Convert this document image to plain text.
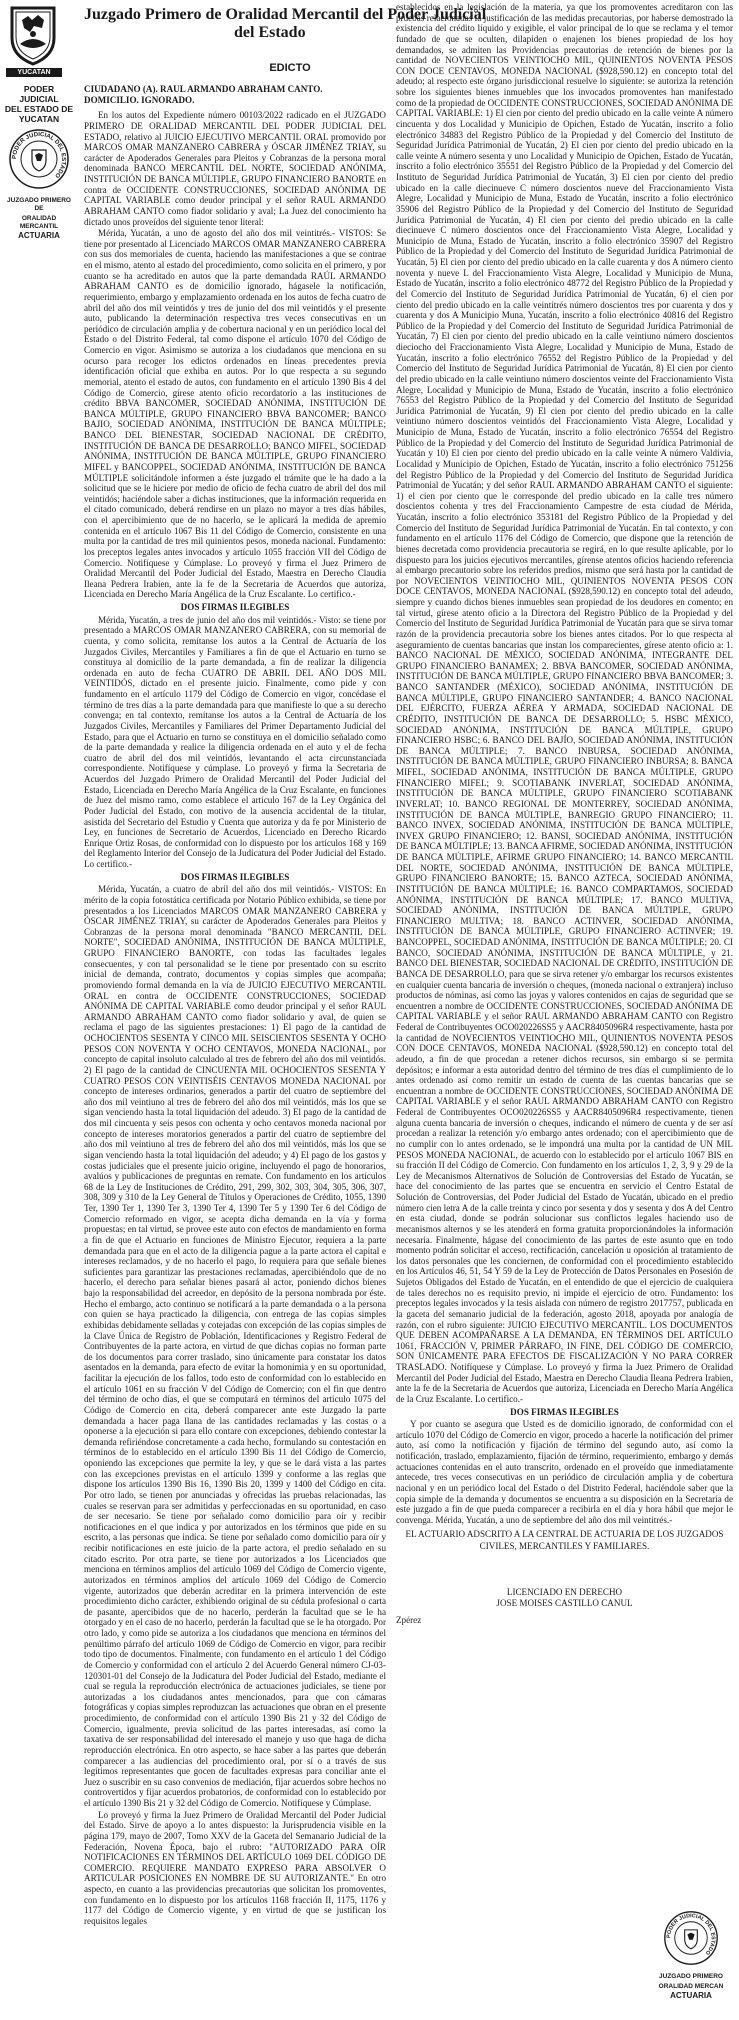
YUCATAN
Juzgado Primero de Oralidad Mercantil del Poder Judicial
del Estado
EDICTO
PODER JUDICIAL
DEL ESTADO DE
YUCATAN
PODER JUDICIAL DEL ESTADO
JUZGADO PRIMERO DE
ORALIDAD MERCANTIL
ACTUARIA

CIUDADANO (A). RAUL ARMANDO ABRAHAM CANTO.

DOMICILIO. IGNORADO.

En los autos del Expediente número 00103/2022 radicado en el JUZGADO PRIMERO DE ORALIDAD MERCANTIL DEL PODER JUDICIAL DEL ESTADO, relativo al JUICIO EJECUTIVO MERCANTIL ORAL promovido por MARCOS OMAR MANZANERO CABRERA y ÓSCAR JIMÉNEZ TRIAY, su carácter de Apoderados Generales para Pleitos y Cobranzas de la persona moral denominada BANCO MERCANTIL DEL NORTE, SOCIEDAD ANÓNIMA, INSTITUCIÓN DE BANCA MÚLTIPLE, GRUPO FINANCIERO BANORTE en contra de OCCIDENTE CONSTRUCCIONES, SOCIEDAD ANÓNIMA DE CAPITAL VARIABLE como deudor principal y el señor RAUL ARMANDO ABRAHAM CANTO como fiador solidario y aval; La Juez del conocimiento ha dictado unos proveídos del siguiente tenor literal:

Mérida, Yucatán, a uno de agosto del año dos mil veintitrés.- VISTOS: Se tiene por presentado al Licenciado MARCOS OMAR MANZANERO CABRERA con sus dos memoriales de cuenta, haciendo las manifestaciones a que se contrae en el mismo, atento al estado del procedimiento, como solicita en el primero, y por cuanto se ha acreditado en autos que la parte demandada RAÚL ARMANDO ABRAHAM CANTO es de domicilio ignorado, hágasele la notificación, requerimiento, embargo y emplazamiento ordenada en los autos de fecha cuatro de abril del año dos mil veintidós y tres de junio del dos mil veintidós y el presente auto, publicando la determinación respectiva tres veces consecutivas en un periódico de circulación amplia y de cobertura nacional y en un periódico local del Estado o del Distrito Federal, tal como dispone el artículo 1070 del Código de Comercio en vigor. Asimismo se autoriza a los ciudadanos que menciona en su ocurso para recoger los edictos ordenados en líneas precedentes previa identificación oficial que exhiba en autos. Por lo que respecta a su segundo memorial, atento el estado de autos, con fundamento en el artículo 1390 Bis 4 del Código de Comercio, gírese atento oficio recordatorio a las instituciones de crédito BBVA BANCOMER, SOCIEDAD ANÓNIMA, INSTITUCIÓN DE BANCA MÚLTIPLE, GRUPO FINANCIERO BBVA BANCOMER; BANCO BAJIO, SOCIEDAD ANÓNIMA, INSTITUCIÓN DE BANCA MÚLTIPLE; BANCO DEL BIENESTAR, SOCIEDAD NACIONAL DE CRÉDITO, INSTITUCIÓN DE BANCA DE DESARROLLO; BANCO MIFEL, SOCIEDAD ANÓNIMA, INSTITUCIÓN DE BANCA MÚLTIPLE, GRUPO FINANCIERO MIFEL y BANCOPPEL, SOCIEDAD ANÓNIMA, INSTITUCIÓN DE BANCA MÚLTIPLE solicitándole informen a éste juzgado el trámite que le ha dado a la solicitud que se le hiciere por medio de oficio de fecha cuatro de abril del dos mil veintidós; haciéndole saber a dichas instituciones, que la información requerida en el citado comunicado, deberá rendirse en un plazo no mayor a tres días hábiles, con el apercibimiento que de no hacerlo, se le aplicará la medida de apremio contenida en el artículo 1067 Bis 11 del Código de Comercio, consistente en una multa por la cantidad de tres mil quinientos pesos, moneda nacional. Fundamento: los preceptos legales antes invocados y artículo 1055 fracción VII del Código de Comercio. Notifíquese y Cúmplase. Lo proveyó y firma el Juez Primero de Oralidad Mercantil del Poder Judicial del Estado, Maestra en Derecho Claudia Ileana Pedrera Irabien, ante la fe de la Secretaria de Acuerdos que autoriza, Licenciada en Derecho María Angélica de la Cruz Escalante. Lo certifico.-

DOS FIRMAS ILEGIBLES

Mérida, Yucatán, a tres de junio del año dos mil veintidós.- Visto: se tiene por presentado a MARCOS OMAR MANZANERO CABRERA, con su memorial de cuenta, y como solicita, remítanse los autos a la Central de Actuaría de los Juzgados Civiles, Mercantiles y Familiares a fin de que el Actuario en turno se constituya al domicilio de la parte demandada, a fin de realizar la diligencia ordenada en auto de fecha CUATRO DE ABRIL DEL AÑO DOS MIL VEINTIDÓS, dictado en el presente juicio. Finalmente, como pide y con fundamento en el artículo 1179 del Código de Comercio en vigor, concédase el término de tres días a la parte demandada para que manifieste lo que a su derecho convenga; en tal contexto, remítanse los autos a la Central de Actuaría de los Juzgados Civiles, Mercantiles y Familiares del Primer Departamento Judicial del Estado, para que el Actuario en turno se constituya en el domicilio señalado como de la parte demandada y realice la diligencia ordenada en el auto y el de fecha cuatro de abril del dos mil veintidós, levantando el acta circunstanciada correspondiente. Notifíquese y cúmplase. Lo proveyó y firma la Secretaria de Acuerdos del Juzgado Primero de Oralidad Mercantil del Poder Judicial del Estado, Licenciada en Derecho María Angélica de la Cruz Escalante, en funciones de Juez del mismo ramo, como establece el artículo 167 de la Ley Orgánica del Poder Judicial del Estado, con motivo de la ausencia accidental de la titular, asistida del Secretario del Estudio y Cuenta que autoriza y da fe por Ministerio de Ley, en funciones de Secretario de Acuerdos, Licenciado en Derecho Ricardo Enrique Ortiz Rosas, de conformidad con lo dispuesto por los artículos 168 y 169 del Reglamento Interior del Consejo de la Judicatura del Poder Judicial del Estado. Lo certifico.-

DOS FIRMAS ILEGIBLES

Mérida, Yucatán, a cuatro de abril del año dos mil veintidós.- VISTOS: En mérito de la copia fotostática certificada por Notario Público exhibida, se tiene por presentados a los Licenciados MARCOS OMAR MANZANERO CABRERA y ÓSCAR JIMÉNEZ TRIAY, su carácter de Apoderados Generales para Pleitos y Cobranzas de la persona moral denominada "BANCO MERCANTIL DEL NORTE", SOCIEDAD ANÓNIMA, INSTITUCIÓN DE BANCA MÚLTIPLE, GRUPO FINANCIERO BANORTE, con todas las facultades legales consecuentes, y con tal personalidad se le tiene por presentado con su escrito inicial de demanda, contrato, documentos y copias simples que acompaña; promoviendo formal demanda en la vía de JUICIO EJECUTIVO MERCANTIL ORAL en contra de OCCIDENTE CONSTRUCCIONES, SOCIEDAD ANÓNIMA DE CAPITAL VARIABLE como deudor principal y el señor RAUL ARMANDO ABRAHAM CANTO como fiador solidario y aval, de quien se reclama el pago de las siguientes prestaciones: 1) El pago de la cantidad de OCHOCIENTOS SESENTA Y CINCO MIL SEISCIENTOS SESENTA Y OCHO PESOS CON NOVENTA Y OCHO CENTAVOS, MONEDA NACIONAL, por concepto de capital insoluto calculado al tres de febrero del año dos mil veintidós. 2) El pago de la cantidad de CINCUENTA MIL OCHOCIENTOS SESENTA Y CUATRO PESOS CON VEINTISÉIS CENTAVOS MONEDA NACIONAL por concepto de intereses ordinarios, generados a partir del cuatro de septiembre del año dos mil veintiuno al tres de febrero del año dos mil veintidós, más los que se sigan venciendo hasta la total liquidación del adeudo. 3) El pago de la cantidad de dos mil cincuenta y seis pesos con ochenta y ocho centavos moneda nacional por concepto de intereses moratorios generados a partir del cuatro de septiembre del año dos mil veintiuno al tres de febrero del año dos mil veintidós, más los que se sigan venciendo hasta la total liquidación del adeudo; y 4) El pago de los gastos y costas judiciales que el presente juicio origine, incluyendo el pago de honorarios, avalúos y publicaciones de preguntas en remate. Con fundamento en los artículos 68 de la Ley de Instituciones de Crédito, 291, 299, 302, 303, 304, 305, 306, 307, 308, 309 y 310 de la Ley General de Títulos y Operaciones de Crédito, 1055, 1390 Ter, 1390 Ter 1, 1390 Ter 3, 1390 Ter 4, 1390 Ter 5 y 1390 Ter 6 del Código de Comercio reformado en vigor, se acepta dicha demanda en la vía y forma propuestas; en tal virtud, se provee este auto con efectos de mandamiento en forma a fin de que el Actuario en funciones de Ministro Ejecutor, requiera a la parte demandada para que en el acto de la diligencia pague a la parte actora el capital e intereses reclamados, y de no hacerlo el pago, lo requiera para que señale bienes suficientes para garantizar las prestaciones reclamadas, apercibiéndolo que de no hacerlo, el derecho para señalar bienes pasará al actor, poniendo dichos bienes bajo la responsabilidad del acreedor, en depósito de la persona nombrada por éste. Hecho el embargo, acto continuo se notificará a la parte demandada o a la persona con quien se haya practicado la diligencia, con entrega de las copias simples exhibidas debidamente selladas y cotejadas con excepción de las copias simples de la Clave Única de Registro de Población, Identificaciones y Registro Federal de Contribuyentes de la parte actora, en virtud de que dichas copias no forman parte de los documentos para correr traslado, sino únicamente para constatar los datos asentados en la demanda, para efecto de evitar la homonimia y en su oportunidad, facilitar la ejecución de los fallos, todo esto de conformidad con lo establecido en el artículo 1061 en su fracción V del Código de Comercio; con el fin que dentro del término de ocho días, el que se computará en términos del artículo 1075 del Código de Comercio en cita, deberá comparecer ante este Juzgado la parte demandada a hacer paga llana de las cantidades reclamadas y las costas o a oponerse a la ejecución si para ello contare con excepciones, debiendo contestar la demanda refiriéndose concretamente a cada hecho, formulando su contestación en términos de lo establecido en el artículo 1390 Bis 11 del Código de Comercio, oponiendo las excepciones que permite la ley, y que se le dará vista a las partes con las excepciones previstas en el artículo 1399 y conforme a las reglas que dispone los artículos 1390 Bis 16, 1390 Bis 20, 1399 y 1400 del Código en cita. Por otro lado, se tienen por anunciadas y ofrecidas las pruebas relacionadas, las cuales se reservan para ser admitidas y perfeccionadas en su oportunidad, en caso de ser necesario. Se tiene por señalado como domicilio para oír y recibir notificaciones en el que indica y por autorizados en los términos que pide en su escrito, a las personas que indica. Se tiene por señalado como domicilio para oír y recibir notificaciones en este juicio de la parte actora, el predio señalado en su citado escrito. Por otra parte, se tiene por autorizados a los Licenciados que menciona en términos amplios del artículo 1069 del Código de Comercio vigente, autorizados en términos amplios del artículo 1069 del Código de Comercio vigente, autorizados que deberán acreditar en la primera intervención de este procedimiento dicho carácter, exhibiendo original de su cédula profesional o carta de pasante, apercibidos que de no hacerlo, perderán la facultad que se le ha otorgado y en el caso de no hacerlo, perderán la facultad que se le ha otorgado. Por otro lado, y como pide se autoriza a los ciudadanos que menciona en términos del penúltimo párrafo del artículo 1069 de Código de Comercio en vigor, para recibir todo tipo de documentos. Finalmente, con fundamento en el artículo 1 del Código de Comercio y conformidad con el artículo 2 del Acuerdo General número CJ-03-120301-01 del Consejo de la Judicatura del Poder Judicial del Estado, mediante el cual se regula la reproducción electrónica de actuaciones judiciales, se tiene por autorizadas a los ciudadanos antes mencionados, para que con cámaras fotográficas y copias simples reproduzcan las actuaciones que obran en el presente procedimiento, de conformidad con el artículo 1390 Bis 21 y 32 del Código de Comercio, igualmente, previa solicitud de las partes interesadas, así como la taxativa de ser responsabilidad del interesado el manejo y uso que haga de dicha reproducción electrónica. En otro aspecto, se hace saber a las partes que deberán comparecer a las audiencias del procedimiento oral, por sí o a través de sus legítimos representantes que gocen de facultades expresas para conciliar ante el Juez o suscribir en su caso convenios de mediación, fijar acuerdos sobre hechos no controvertidos y fijar acuerdos probatorios, de conformidad con lo establecido por el artículo 1390 Bis 21 y 32 del Código de Comercio. Notifíquese y Cúmplase.

Lo proveyó y firma la Juez Primero de Oralidad Mercantil del Poder Judicial del Estado. Sirve de apoyo a lo antes dispuesto: la Jurisprudencia visible en la página 179, mayo de 2007, Tomo XXV de la Gaceta del Semanario Judicial de la Federación, Novena Época, bajo el rubro: "AUTORIZADO PARA OÍR NOTIFICACIONES EN TÉRMINOS DEL ARTÍCULO 1069 DEL CÓDIGO DE COMERCIO. REQUIERE MANDATO EXPRESO PARA ABSOLVER O ARTICULAR POSICIONES EN NOMBRE DE SU AUTORIZANTE." En otro aspecto, en cuanto a las providencias precautorias que solicitan los promoventes, con fundamento en lo dispuesto por los artículos 1168 fracción II, 1175, 1176 y 1177 del Código de Comercio vigente, y en virtud de que se justifican los requisitos legales

establecidos en la legislación de la materia, ya que los promoventes acreditaron con las pruebas relacionadas la justificación de las medidas precautorias, por haberse demostrado la existencia del crédito líquido y exigible, el valor principal de lo que se reclama y el temor fundado de que se oculten, dilapiden o enajenen los bienes propiedad de los hoy demandados, se admiten las Providencias precautorias de retención de bienes por la cantidad de NOVECIENTOS VEINTIOCHO MIL, QUINIENTOS NOVENTA PESOS CON DOCE CENTAVOS, MONEDA NACIONAL ($928,590.12) en concepto total del adeudo; al respecto este órgano jurisdiccional resuelve lo siguiente: se autoriza la retención sobre los siguientes bienes inmuebles que los invocados promoventes han manifestado como de la propiedad de OCCIDENTE CONSTRUCCIONES, SOCIEDAD ANÓNIMA DE CAPITAL VARIABLE: 1) El cien por ciento del predio ubicado en la calle veinte A número cincuenta y dos Localidad y Municipio de Opichen, Estado de Yucatán, inscrito a folio electrónico 34883 del Registro Público de la Propiedad y del Comercio del Instituto de Seguridad Jurídica Patrimonial de Yucatán, 2) El cien por ciento del predio ubicado en la calle veinte A número sesenta y uno Localidad y Municipio de Opichen, Estado de Yucatán, inscrito a folio electrónico 35551 del Registro Público de la Propiedad y del Comercio del Instituto de Seguridad Jurídica Patrimonial de Yucatán, 3) El cien por ciento del predio ubicado en la calle diecinueve C número doscientos nueve del Fraccionamiento Vista Alegre, Localidad y Municipio de Muna, Estado de Yucatán, inscrito a folio electrónico 35906 del Registro Público de la Propiedad y del Comercio del Instituto de Seguridad Jurídica Patrimonial de Yucatán, 4) El cien por ciento del predio ubicado en la calle diecinueve C número doscientos once del Fraccionamiento Vista Alegre, Localidad y Municipio de Muna, Estado de Yucatán, inscrito a folio electrónico 35907 del Registro Público de la Propiedad y del Comercio del Instituto de Seguridad Jurídica Patrimonial de Yucatán, 5) El cien por ciento del predio ubicado en la calle cuarenta y dos A número ciento noventa y nueve L del Fraccionamiento Vista Alegre, Localidad y Municipio de Muna, Estado de Yucatán, inscrito a folio electrónico 48772 del Registro Público de la Propiedad y del Comercio del Instituto de Seguridad Jurídica Patrimonial de Yucatán, 6) el cien por ciento del predio ubicado en la calle veintitrés número doscientos tres por cuarenta y dos y cuarenta y dos A Municipio Muna, Yucatán, inscrito a folio electrónico 40816 del Registro Público de la Propiedad y del Comercio del Instituto de Seguridad Jurídica Patrimonial de Yucatán, 7) El cien por ciento del predio ubicado en la calle veintiuno número doscientos dieciocho del Fraccionamiento Vista Alegre, Localidad y Municipio de Muna, Estado de Yucatán, inscrito a folio electrónico 76552 del Registro Público de la Propiedad y del Comercio del Instituto de Seguridad Jurídica Patrimonial de Yucatán, 8) El cien por ciento del predio ubicado en la calle veintiuno número doscientos veinte del Fraccionamiento Vista Alegre, Localidad y Municipio de Muna, Estado de Yucatán, inscrito a folio electrónico 76553 del Registro Público de la Propiedad y del Comercio del Instituto de Seguridad Jurídica Patrimonial de Yucatán, 9) El cien por ciento del predio ubicado en la calle veintiuno número doscientos veintidós del Fraccionamiento Vista Alegre, Localidad y Municipio de Muna, Estado de Yucatán, inscrito a folio electrónico 76554 del Registro Público de la Propiedad y del Comercio del Instituto de Seguridad Jurídica Patrimonial de Yucatán y 10) El cien por ciento del predio ubicado en la calle veinte A número Valdivia, Localidad y Municipio de Opichen, Estado de Yucatán, inscrito a folio electrónico 751256 del Registro Público de la Propiedad y del Comercio del Instituto de Seguridad Jurídica Patrimonial de Yucatán; y del señor RAUL ARMANDO ABRAHAM CANTO el siguiente: 1) el cien por ciento que le corresponde del predio ubicado en la calle tres número doscientos cohenta y tres del Fraccionamiento Campestre de esta ciudad de Mérida, Yucatán, inscrito a folio electrónico 353181 del Registro Público de la Propiedad y del Comercio del Instituto de Seguridad Jurídica Patrimonial de Yucatán. En tal contexto, y con fundamento en el artículo 1176 del Código de Comercio, que dispone que la retención de bienes decretada como providencia precautoria se regirá, en lo que resulte aplicable, por lo dispuesto para los juicios ejecutivos mercantiles, gírense atentos oficios haciendo referencia al embargo precautorio sobre los referidos predios, mismo que será hasta por la cantidad de por NOVECIENTOS VEINTIOCHO MIL, QUINIENTOS NOVENTA PESOS CON DOCE CENTAVOS, MONEDA NACIONAL ($928,590.12) en concepto total del adeudo, siempre y cuando dichos bienes inmuebles sean propiedad de los deudores en comento; en tal virtud, gírese atento oficio a la Directora del Registro Público de la Propiedad y del Comercio del Instituto de Seguridad Jurídica Patrimonial de Yucatán para que se sirva tomar razón de la providencia precautoria sobre los bienes antes citados. Por lo que respecta al aseguramiento de cuentas bancarias que instan los comparecientes, gírese atento oficio a: 1. BANCO NACIONAL DE MÉXICO, SOCIEDAD ANÓNIMA, INTEGRANTE DEL GRUPO FINANCIERO BANAMEX; 2. BBVA BANCOMER, SOCIEDAD ANÓNIMA, INSTITUCIÓN DE BANCA MÚLTIPLE, GRUPO FINANCIERO BBVA BANCOMER; 3. BANCO SANTANDER (MÉXICO), SOCIEDAD ANÓNIMA, INSTITUCIÓN DE BANCA MÚLTIPLE, GRUPO FINANCIERO SANTANDER; 4. BANCO NACIONAL DEL EJÉRCITO, FUERZA AÉREA Y ARMADA, SOCIEDAD NACIONAL DE CRÉDITO, INSTITUCIÓN DE BANCA DE DESARROLLO; 5. HSBC MÉXICO, SOCIEDAD ANÓNIMA, INSTITUCIÓN DE BANCA MÚLTIPLE, GRUPO FINANCIERO HSBC; 6. BANCO DEL BAJÍO, SOCIEDAD ANÓNIMA, INSTITUCIÓN DE BANCA MÚLTIPLE; 7. BANCO INBURSA, SOCIEDAD ANÓNIMA, INSTITUCIÓN DE BANCA MÚLTIPLE, GRUPO FINANCIERO INBURSA; 8. BANCA MIFEL, SOCIEDAD ANÓNIMA, INSTITUCIÓN DE BANCA MÚLTIPLE, GRUPO FINANCIERO MIFEL; 9. SCOTIABANK INVERLAT, SOCIEDAD ANÓNIMA, INSTITUCIÓN DE BANCA MÚLTIPLE, GRUPO FINANCIERO SCOTIABANK INVERLAT; 10. BANCO REGIONAL DE MONTERREY, SOCIEDAD ANÓNIMA, INSTITUCIÓN DE BANCA MÚLTIPLE, BANREGIO GRUPO FINANCIERO; 11. BANCO INVEX, SOCIEDAD ANÓNIMA, INSTITUCIÓN DE BANCA MÚLTIPLE, INVEX GRUPO FINANCIERO; 12. BANSI, SOCIEDAD ANÓNIMA, INSTITUCIÓN DE BANCA MÚLTIPLE; 13. BANCA AFIRME, SOCIEDAD ANÓNIMA, INSTITUCIÓN DE BANCA MÚLTIPLE, AFIRME GRUPO FINANCIERO; 14. BANCO MERCANTIL DEL NORTE, SOCIEDAD ANÓNIMA, INSTITUCIÓN DE BANCA MÚLTIPLE, GRUPO FINANCIERO BANORTE; 15. BANCO AZTECA, SOCIEDAD ANÓNIMA, INSTITUCIÓN DE BANCA MÚLTIPLE; 16. BANCO COMPARTAMOS, SOCIEDAD ANÓNIMA, INSTITUCIÓN DE BANCA MÚLTIPLE; 17. BANCO MULTIVA, SOCIEDAD ANÓNIMA, INSTITUCIÓN DE BANCA MÚLTIPLE, GRUPO FINANCIERO MULTIVA; 18. BANCO ACTINVER, SOCIEDAD ANÓNIMA, INSTITUCIÓN DE BANCA MÚLTIPLE, GRUPO FINANCIERO ACTINVER; 19. BANCOPPEL, SOCIEDAD ANÓNIMA, INSTITUCIÓN DE BANCA MÚLTIPLE; 20. CI BANCO, SOCIEDAD ANÓNIMA, INSTITUCIÓN DE BANCA MÚLTIPLE, y 21. BANCO DEL BIENESTAR, SOCIEDAD NACIONAL DE CRÉDITO, INSTITUCIÓN DE BANCA DE DESARROLLO, para que se sirva retener y/o embargar los recursos existentes en cualquier cuenta bancaria de inversión o cheques, (moneda nacional o extranjera) incluso productos de nóminas, así como las joyas y valores contenidos en cajas de seguridad que se encuentren a nombre de OCCIDENTE CONSTRUCCIONES, SOCIEDAD ANÓNIMA DE CAPITAL VARIABLE y el señor RAUL ARMANDO ABRAHAM CANTO con Registro Federal de Contribuyentes OCO020226SS5 y AACR8405096R4 respectivamente, hasta por la cantidad de NOVECIENTOS VEINTIOCHO MIL, QUINIENTOS NOVENTA PESOS CON DOCE CENTAVOS, MONEDA NACIONAL ($928,590.12) en concepto total del adeudo, a fin de que procedan a retener dichos recursos, sin embargo si se permita depósitos; e informar a esta autoridad dentro del término de tres días el cumplimiento de lo antes ordenado así como remitir un estado de cuenta de las cuentas bancarias que se encuentran a nombre de OCCIDENTE CONSTRUCCIONES, SOCIEDAD ANÓNIMA DE CAPITAL VARIABLE y el señor RAUL ARMANDO ABRAHAM CANTO con Registro Federal de Contribuyentes OCO020226SS5 y AACR8405096R4 respectivamente, tienen alguna cuenta bancaria de inversión o cheques, indicando el número de cuenta y de ser así procedan a realizar la retención y/o embargo antes ordenado; con el apercibimiento que de no cumplir con lo antes ordenado, se le impondrá una multa por la cantidad de UN MIL PESOS MONEDA NACIONAL, de acuerdo con lo establecido por el artículo 1067 BIS en su fracción II del Código de Comercio. Con fundamento en los artículos 1, 2, 3, 9 y 29 de la Ley de Mecanismos Alternativos de Solución de Controversias del Estado de Yucatán, se hace del conocimiento de las partes que se encuentra en servicio el Centro Estatal de Solución de Controversias, del Poder Judicial del Estado de Yucatán, ubicado en el predio número cien letra A de la calle treinta y cinco por sesenta y dos y sesenta y dos A del Centro en esta ciudad, donde se podrán solucionar sus conflictos legales haciendo uso de mecanismos alternos y se les atenderá en forma gratuita proporcionándoles la información necesaria. Finalmente, hágase del conocimiento de las partes de este asunto que en todo momento podrán solicitar el acceso, rectificación, cancelación u oposición al tratamiento de los datos personales que les conciernen, de conformidad con el procedimiento establecido en los Artículos 46, 51, 54 Y 59 de la Ley de Protección de Datos Personales en Posesión de Sujetos Obligados del Estado de Yucatán, en el entendido de que el ejercicio de cualquiera de tales derechos no es requisito previo, ni impide el ejercicio de otro. Fundamento: los preceptos legales invocados y la tesis aislada con número de registro 2017757, publicada en la gaceta del semanario judicial de la federación, agosto 2018, apoyada por analogía de razón, con el rubro siguiente: JUICIO EJECUTIVO MERCANTIL. LOS DOCUMENTOS QUE DEBEN ACOMPAÑARSE A LA DEMANDA, EN TÉRMINOS DEL ARTÍCULO 1061, FRACCIÓN V, PRIMER PÁRRAFO, IN FINE, DEL CÓDIGO DE COMERCIO, SON ÚNICAMENTE PARA EFECTOS DE FISCALIZACIÓN Y NO PARA CORRER TRASLADO. Notifíquese y Cúmplase. Lo proveyó y firma la Juez Primero de Oralidad Mercantil del Poder Judicial del Estado, Maestra en Derecho Claudia Ileana Pedrera Irabien, ante la fe de la Secretaria de Acuerdos que autoriza, Licenciada en Derecho María Angélica de la Cruz Escalante. Lo certifico.-

DOS FIRMAS ILEGIBLES

Y por cuanto se asegura que Usted es de domicilio ignorado, de conformidad con el artículo 1070 del Código de Comercio en vigor, procedo a hacerle la notificación del primer auto, así como la notificación y fijación de término del segundo auto, así como la notificación, traslado, emplazamiento, fijación de término, requerimiento, embargo y demás actuaciones contenidas en el auto transcrito, ordenado en el proveído que inmediatamente antecede, tres veces consecutivas en un periódico de circulación amplia y de cobertura nacional y en un periódico local del Estado o del Distrito Federal, haciéndole saber que la copia simple de la demanda y documentos se encuentra a su disposición en la Secretaría de este juzgado a fin de que pueda comparecer a recibirla en el día y hora hábil que mejor le convenga. Mérida, Yucatán, a uno de septiembre del año dos mil veintitrés.-

EL ACTUARIO ADSCRITO A LA CENTRAL DE ACTUARIA DE LOS JUZGADOS

CIVILES, MERCANTILES Y FAMILIARES.

LICENCIADO EN DERECHO

JOSE MOISES CASTILLO CANUL

Zpérez

PODER JUDICIAL DEL ESTADO
JUZGADO PRIMERO
ORALIDAD MERCAN
ACTUARIA
